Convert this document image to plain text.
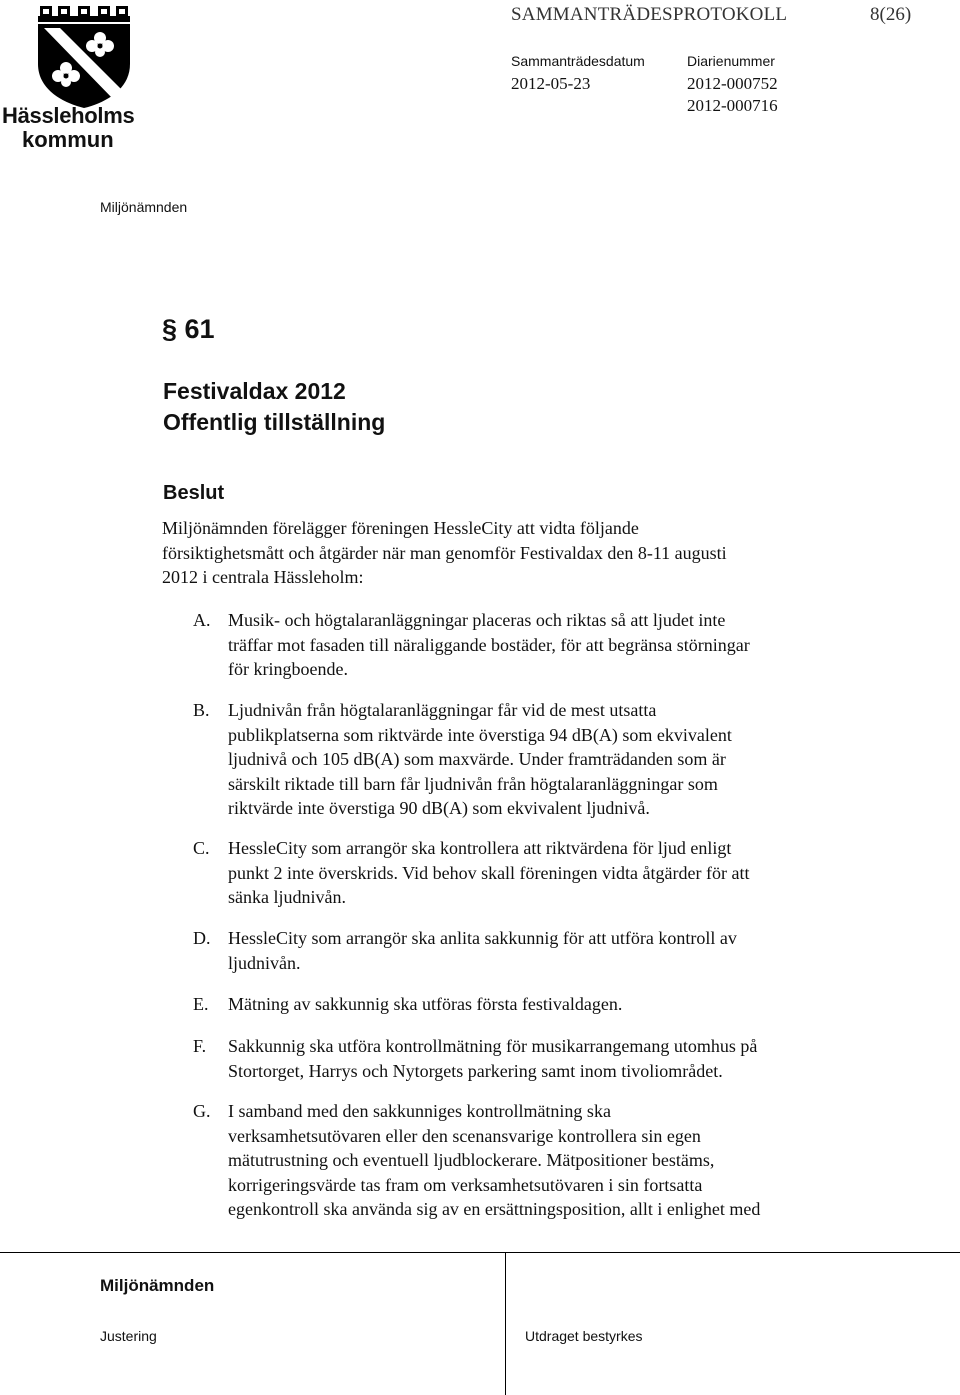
Hässleholms
kommun
SAMMANTRÄDESPROTOKOLL	8(26)
Sammanträdesdatum	Diarienummer
2012-05-23	2012-000752
2012-000716
Miljönämnden
§ 61
Festivaldax 2012
Offentlig tillställning
Beslut
Miljönämnden förelägger föreningen HessleCity att vidta följande
försiktighetsmått och åtgärder när man genomför Festivaldax den 8-11 augusti
2012 i centrala Hässleholm:
A. Musik- och högtalaranläggningar placeras och riktas så att ljudet inte
träffar mot fasaden till näraliggande bostäder, för att begränsa störningar
för kringboende.
B. Ljudnivån från högtalaranläggningar får vid de mest utsatta
publikplatserna som riktvärde inte överstiga 94 dB(A) som ekvivalent
ljudnivå och 105 dB(A) som maxvärde. Under framträdanden som är
särskilt riktade till barn får ljudnivån från högtalaranläggningar som
riktvärde inte överstiga 90 dB(A) som ekvivalent ljudnivå.
C. HessleCity som arrangör ska kontrollera att riktvärdena för ljud enligt
punkt 2 inte överskrids. Vid behov skall föreningen vidta åtgärder för att
sänka ljudnivån.
D. HessleCity som arrangör ska anlita sakkunnig för att utföra kontroll av
ljudnivån.
E. Mätning av sakkunnig ska utföras första festivaldagen.
F. Sakkunnig ska utföra kontrollmätning för musikarrangemang utomhus på
Stortorget, Harrys och Nytorgets parkering samt inom tivoliområdet.
G. I samband med den sakkunniges kontrollmätning ska
verksamhetsutövaren eller den scenansvarige kontrollera sin egen
mätutrustning och eventuell ljudblockerare. Mätpositioner bestäms,
korrigeringsvärde tas fram om verksamhetsutövaren i sin fortsatta
egenkontroll ska använda sig av en ersättningsposition, allt i enlighet med
Miljönämnden
Justering	Utdraget bestyrkes
